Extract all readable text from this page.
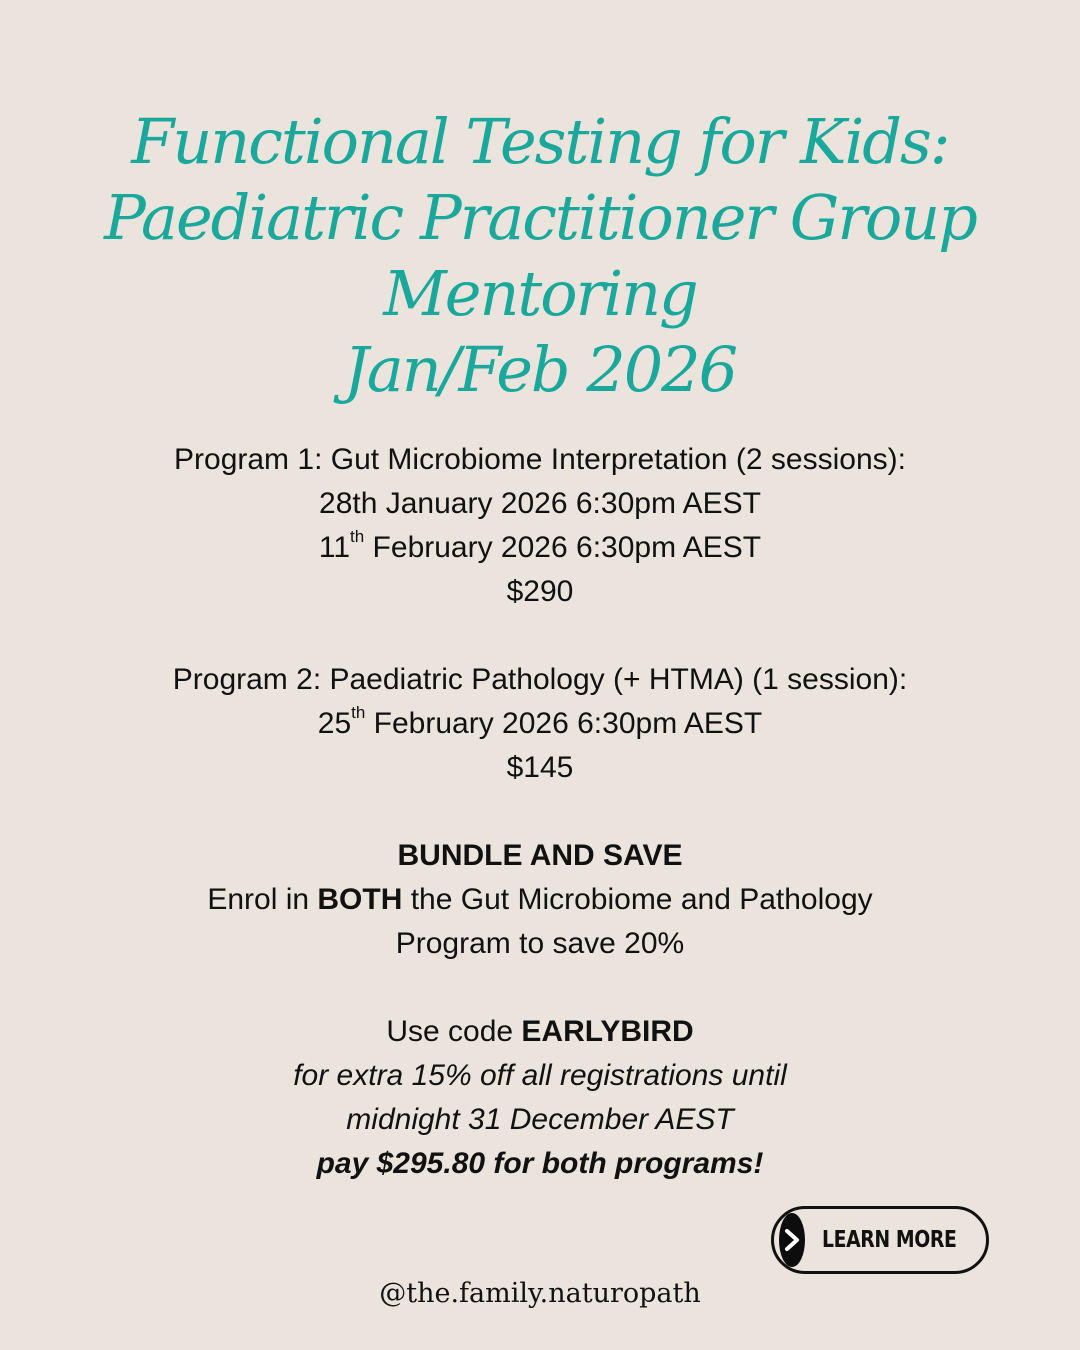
Functional Testing for Kids:
Paediatric Practitioner Group
Mentoring
Jan/Feb 2026
Program 1: Gut Microbiome Interpretation (2 sessions):
28th January 2026 6:30pm AEST
11th February 2026 6:30pm AEST
$290
Program 2: Paediatric Pathology (+ HTMA) (1 session):
25th February 2026 6:30pm AEST
$145
BUNDLE AND SAVE
Enrol in BOTH the Gut Microbiome and Pathology
Program to save 20%
Use code EARLYBIRD
for extra 15% off all registrations until
midnight 31 December AEST
pay $295.80 for both programs!
LEARN MORE
@the.family.naturopath
